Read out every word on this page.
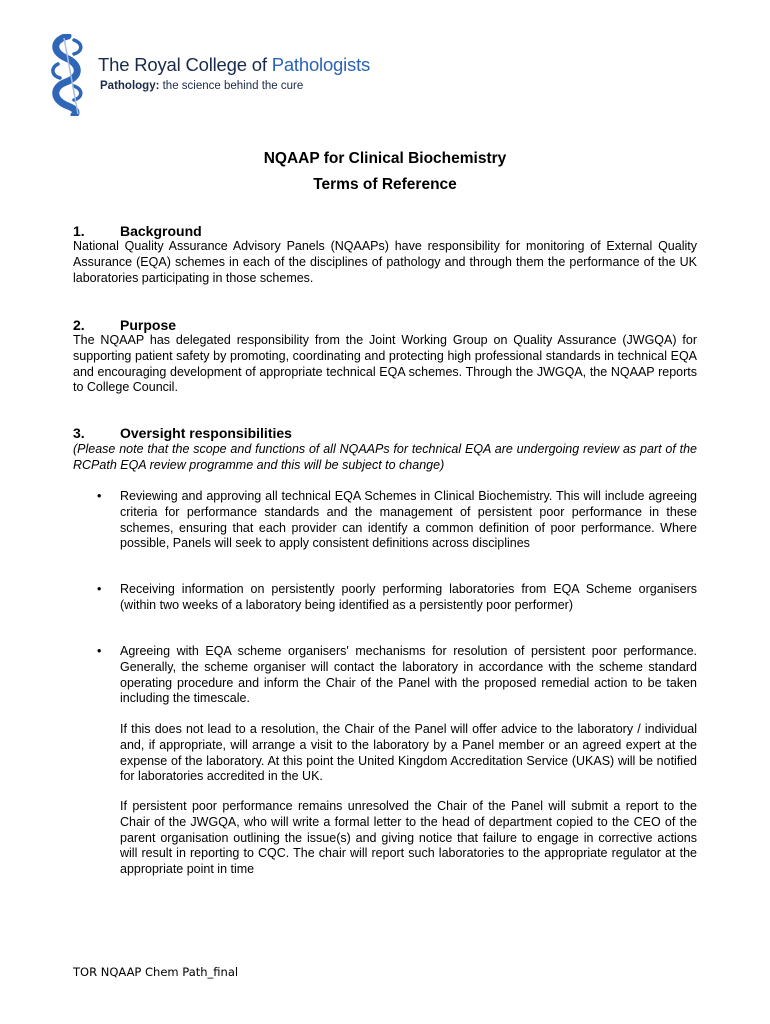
The Royal College of Pathologists
Pathology: the science behind the cure
NQAAP for Clinical Biochemistry
Terms of Reference
1.	Background

National Quality Assurance Advisory Panels (NQAAPs) have responsibility for monitoring of External Quality Assurance (EQA) schemes in each of the disciplines of pathology and through them the performance of the UK laboratories participating in those schemes.

2.	Purpose

The NQAAP has delegated responsibility from the Joint Working Group on Quality Assurance (JWGQA) for supporting patient safety by promoting, coordinating and protecting high professional standards in technical EQA and encouraging development of appropriate technical EQA schemes. Through the JWGQA, the NQAAP reports to College Council.

3.	Oversight responsibilities

(Please note that the scope and functions of all NQAAPs for technical EQA are undergoing review as part of the RCPath EQA review programme and this will be subject to change)

• Reviewing and approving all technical EQA Schemes in Clinical Biochemistry. This will include agreeing criteria for performance standards and the management of persistent poor performance in these schemes, ensuring that each provider can identify a common definition of poor performance. Where possible, Panels will seek to apply consistent definitions across disciplines

• Receiving information on persistently poorly performing laboratories from EQA Scheme organisers (within two weeks of a laboratory being identified as a persistently poor performer)

• Agreeing with EQA scheme organisers' mechanisms for resolution of persistent poor performance. Generally, the scheme organiser will contact the laboratory in accordance with the scheme standard operating procedure and inform the Chair of the Panel with the proposed remedial action to be taken including the timescale.

If this does not lead to a resolution, the Chair of the Panel will offer advice to the laboratory / individual and, if appropriate, will arrange a visit to the laboratory by a Panel member or an agreed expert at the expense of the laboratory. At this point the United Kingdom Accreditation Service (UKAS) will be notified for laboratories accredited in the UK.

If persistent poor performance remains unresolved the Chair of the Panel will submit a report to the Chair of the JWGQA, who will write a formal letter to the head of department copied to the CEO of the parent organisation outlining the issue(s) and giving notice that failure to engage in corrective actions will result in reporting to CQC. The chair will report such laboratories to the appropriate regulator at the appropriate point in time

TOR NQAAP Chem Path_final
